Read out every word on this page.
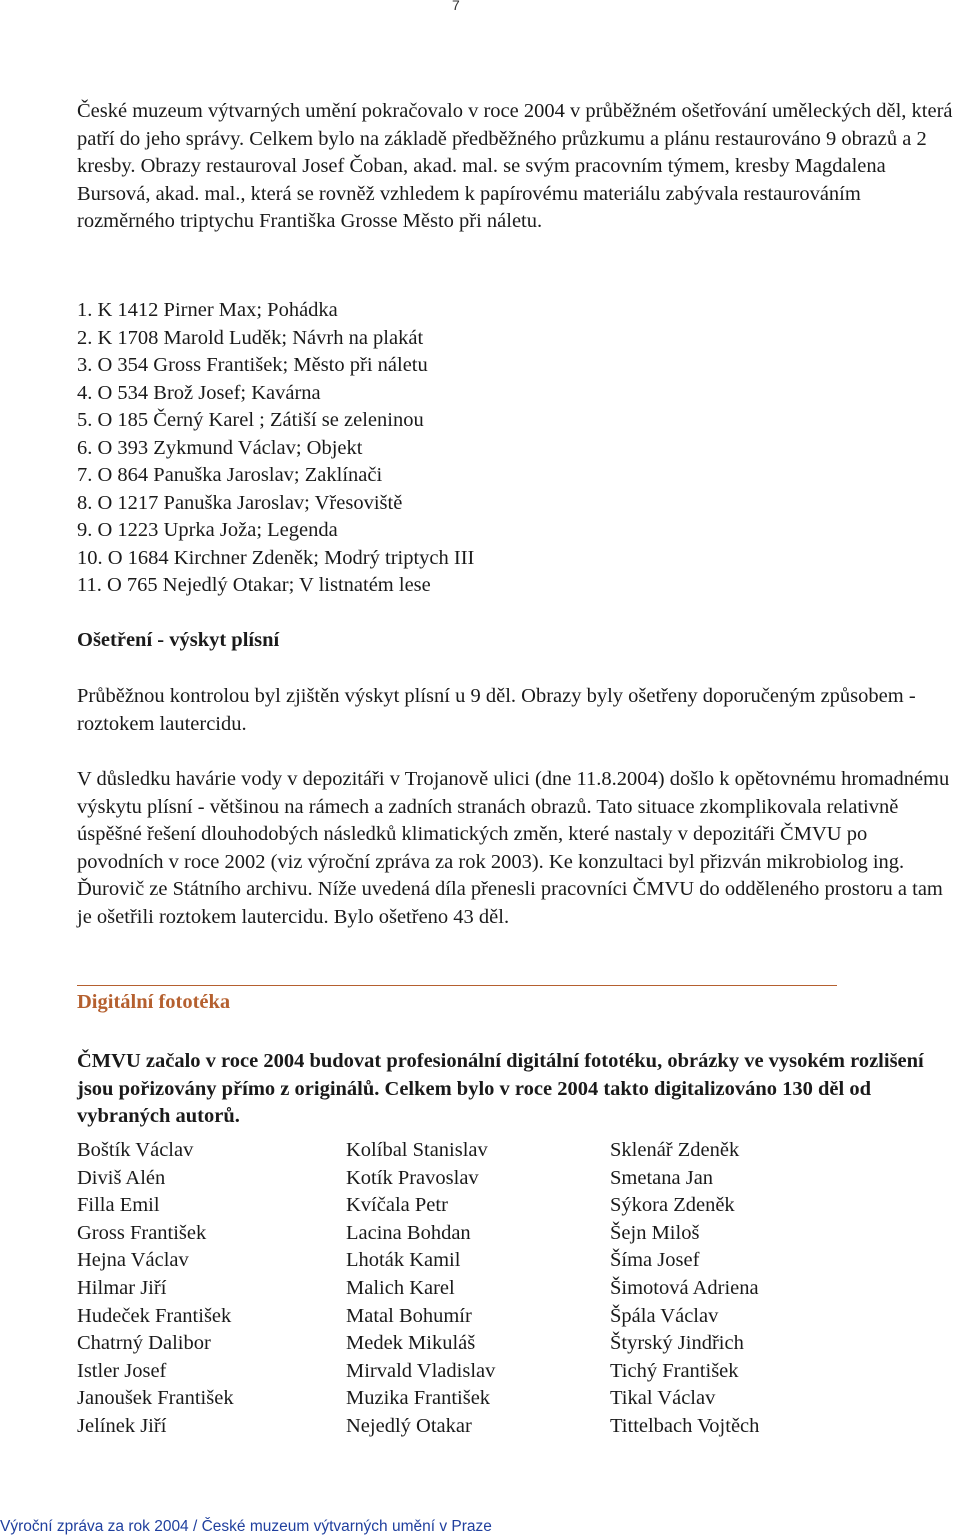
7

České muzeum výtvarných umění pokračovalo v roce 2004 v průběžném ošetřování uměleckých děl, která patří do jeho správy. Celkem bylo na základě předběžného průzkumu a plánu restaurováno 9 obrazů a 2 kresby. Obrazy restauroval Josef Čoban, akad. mal. se svým pracovním týmem, kresby Magdalena Bursová, akad. mal., která se rovněž vzhledem k papírovému materiálu zabývala restaurováním rozměrného triptychu Františka Grosse Město při náletu.

1. K 1412 Pirner Max; Pohádka
2. K 1708 Marold Luděk; Návrh na plakát
3. O 354 Gross František; Město při náletu
4. O 534 Brož Josef; Kavárna
5. O 185 Černý Karel ; Zátiší se zeleninou
6. O 393 Zykmund Václav; Objekt
7. O 864 Panuška Jaroslav; Zaklínači
8. O 1217 Panuška Jaroslav; Vřesoviště
9. O 1223 Uprka Joža; Legenda
10. O 1684 Kirchner Zdeněk; Modrý triptych III
11. O 765 Nejedlý Otakar; V listnatém lese
Ošetření - výskyt plísní

Průběžnou kontrolou byl zjištěn výskyt plísní u 9 děl. Obrazy byly ošetřeny doporučeným způsobem - roztokem lautercidu.

V důsledku havárie vody v depozitáři v Trojanově ulici (dne 11.8.2004) došlo k opětovnému hromadnému výskytu plísní - většinou na rámech a zadních stranách obrazů. Tato situace zkomplikovala relativně úspěšné řešení dlouhodobých následků klimatických změn, které nastaly v depozitáři ČMVU po povodních v roce 2002 (viz výroční zpráva za rok 2003). Ke konzultaci byl přizván mikrobiolog ing. Ďurovič ze Státního archivu. Níže uvedená díla přenesli pracovníci ČMVU do odděleného prostoru a tam je ošetřili roztokem lautercidu. Bylo ošetřeno 43 děl.

Digitální fototéka

ČMVU začalo v roce 2004 budovat profesionální digitální fototéku, obrázky ve vysokém rozlišení jsou pořizovány přímo z originálů. Celkem bylo v roce 2004 takto digitalizováno 130 děl od vybraných autorů.

Boštík Václav
Diviš Alén
Filla Emil
Gross František
Hejna Václav
Hilmar Jiří
Hudeček František
Chatrný Dalibor
Istler Josef
Janoušek František
Jelínek Jiří
Kolíbal Stanislav
Kotík Pravoslav
Kvíčala Petr
Lacina Bohdan
Lhoták Kamil
Malich Karel
Matal Bohumír
Medek Mikuláš
Mirvald Vladislav
Muzika František
Nejedlý Otakar
Sklenář Zdeněk
Smetana Jan
Sýkora Zdeněk
Šejn Miloš
Šíma Josef
Šimotová Adriena
Špála Václav
Štyrský Jindřich
Tichý František
Tikal Václav
Tittelbach Vojtěch
Výroční zpráva za rok 2004 / České muzeum výtvarných umění v Praze
